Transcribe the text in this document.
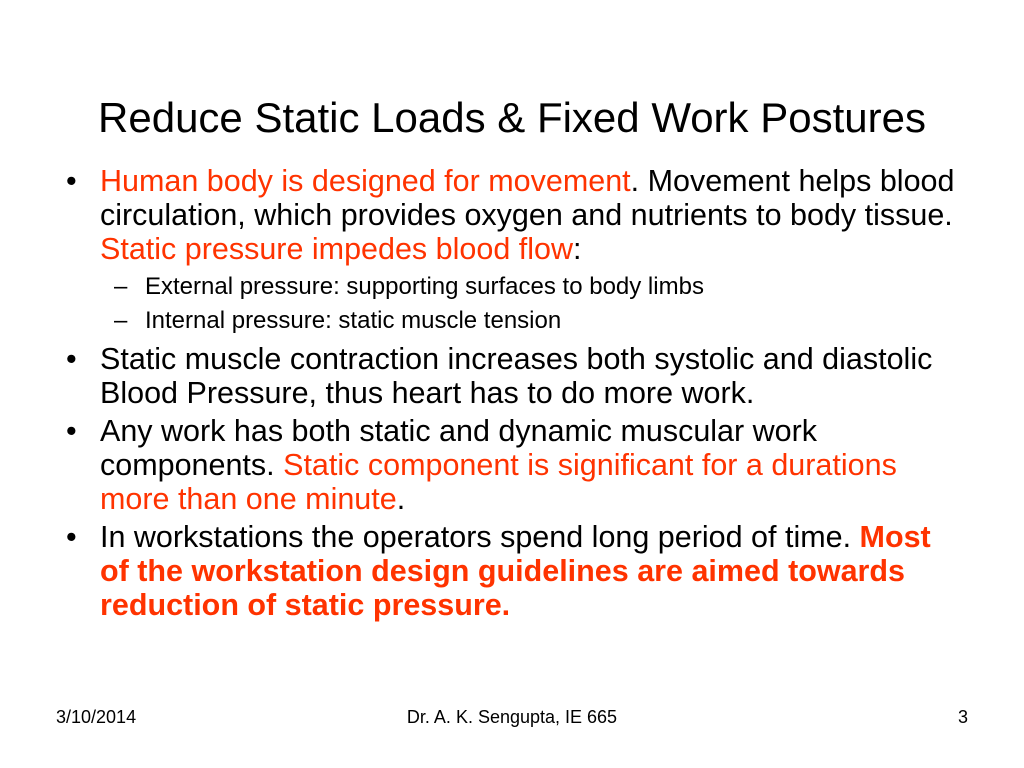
Reduce Static Loads & Fixed Work Postures
• Human body is designed for movement. Movement helps blood circulation, which provides oxygen and nutrients to body tissue. Static pressure impedes blood flow:
– External pressure: supporting surfaces to body limbs
– Internal pressure: static muscle tension
• Static muscle contraction increases both systolic and diastolic Blood Pressure, thus heart has to do more work.
• Any work has both static and dynamic muscular work components. Static component is significant for a durations more than one minute.
• In workstations the operators spend long period of time. Most of the workstation design guidelines are aimed towards reduction of static pressure.
3/10/2014	Dr. A. K. Sengupta, IE 665	3
